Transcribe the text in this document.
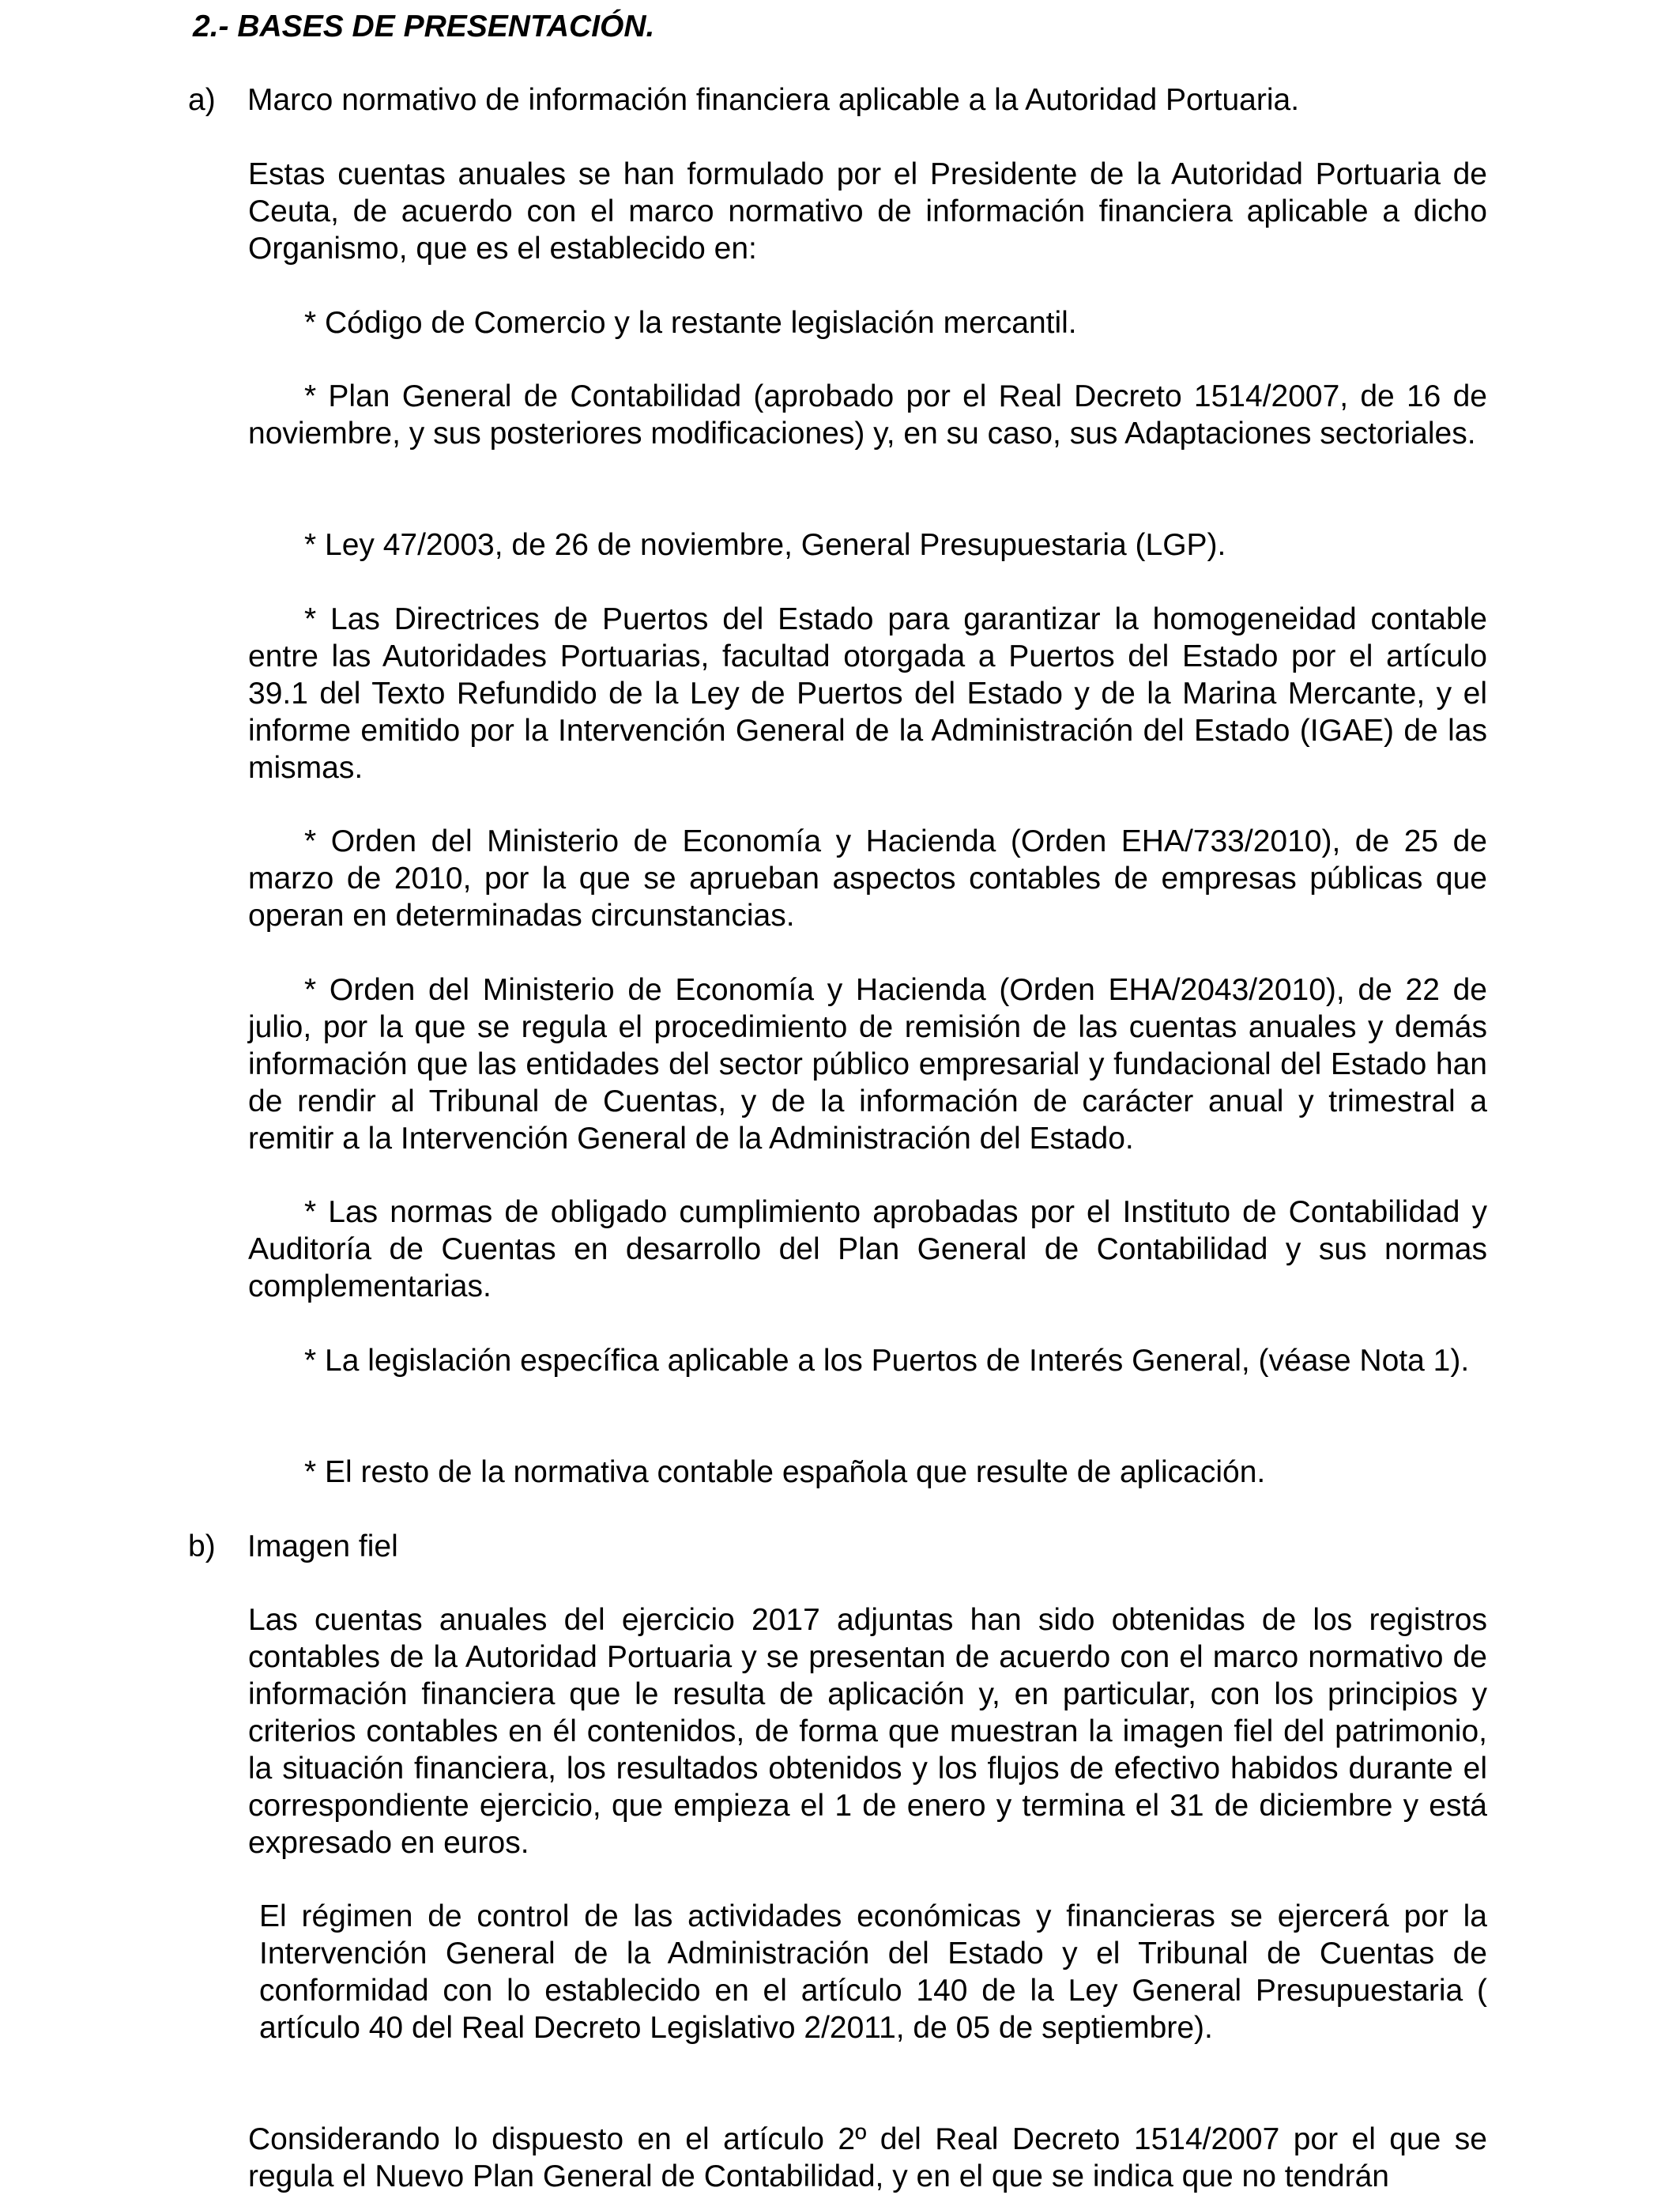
2.- BASES DE PRESENTACIÓN.
a) Marco normativo de información financiera aplicable a la Autoridad Portuaria.

Estas cuentas anuales se han formulado por el Presidente de la Autoridad Portuaria de Ceuta, de acuerdo con el marco normativo de información financiera aplicable a dicho Organismo, que es el establecido en:

* Código de Comercio y la restante legislación mercantil.

* Plan General de Contabilidad (aprobado por el Real Decreto 1514/2007, de 16 de noviembre, y sus posteriores modificaciones) y, en su caso, sus Adaptaciones sectoriales.

* Ley 47/2003, de 26 de noviembre, General Presupuestaria (LGP).

* Las Directrices de Puertos del Estado para garantizar la homogeneidad contable entre las Autoridades Portuarias, facultad otorgada a Puertos del Estado por el artículo 39.1 del Texto Refundido de la Ley de Puertos del Estado y de la Marina Mercante, y el informe emitido por la Intervención General de la Administración del Estado (IGAE) de las mismas.

* Orden del Ministerio de Economía y Hacienda (Orden EHA/733/2010), de 25 de marzo de 2010, por la que se aprueban aspectos contables de empresas públicas que operan en determinadas circunstancias.

* Orden del Ministerio de Economía y Hacienda (Orden EHA/2043/2010), de 22 de julio, por la que se regula el procedimiento de remisión de las cuentas anuales y demás información que las entidades del sector público empresarial y fundacional del Estado han de rendir al Tribunal de Cuentas, y de la información de carácter anual y trimestral a remitir a la Intervención General de la Administración del Estado.

* Las normas de obligado cumplimiento aprobadas por el Instituto de Contabilidad y Auditoría de Cuentas en desarrollo del Plan General de Contabilidad y sus normas complementarias.

* La legislación específica aplicable a los Puertos de Interés General, (véase Nota 1).

* El resto de la normativa contable española que resulte de aplicación.

b) Imagen fiel

Las cuentas anuales del ejercicio 2017 adjuntas han sido obtenidas de los registros contables de la Autoridad Portuaria y se presentan de acuerdo con el marco normativo de información financiera que le resulta de aplicación y, en particular, con los principios y criterios contables en él contenidos, de forma que muestran la imagen fiel del patrimonio, la situación financiera, los resultados obtenidos y los flujos de efectivo habidos durante el correspondiente ejercicio, que empieza el 1 de enero y termina el 31 de diciembre y está expresado en euros.

El régimen de control de las actividades económicas y financieras se ejercerá por la Intervención General de la Administración del Estado y el Tribunal de Cuentas de conformidad con lo establecido en el artículo 140 de la Ley General Presupuestaria ( artículo 40 del Real Decreto Legislativo 2/2011, de 05 de septiembre).

Considerando lo dispuesto en el artículo 2º del Real Decreto 1514/2007 por el que se regula el Nuevo Plan General de Contabilidad, y en el que se indica que no tendrán
